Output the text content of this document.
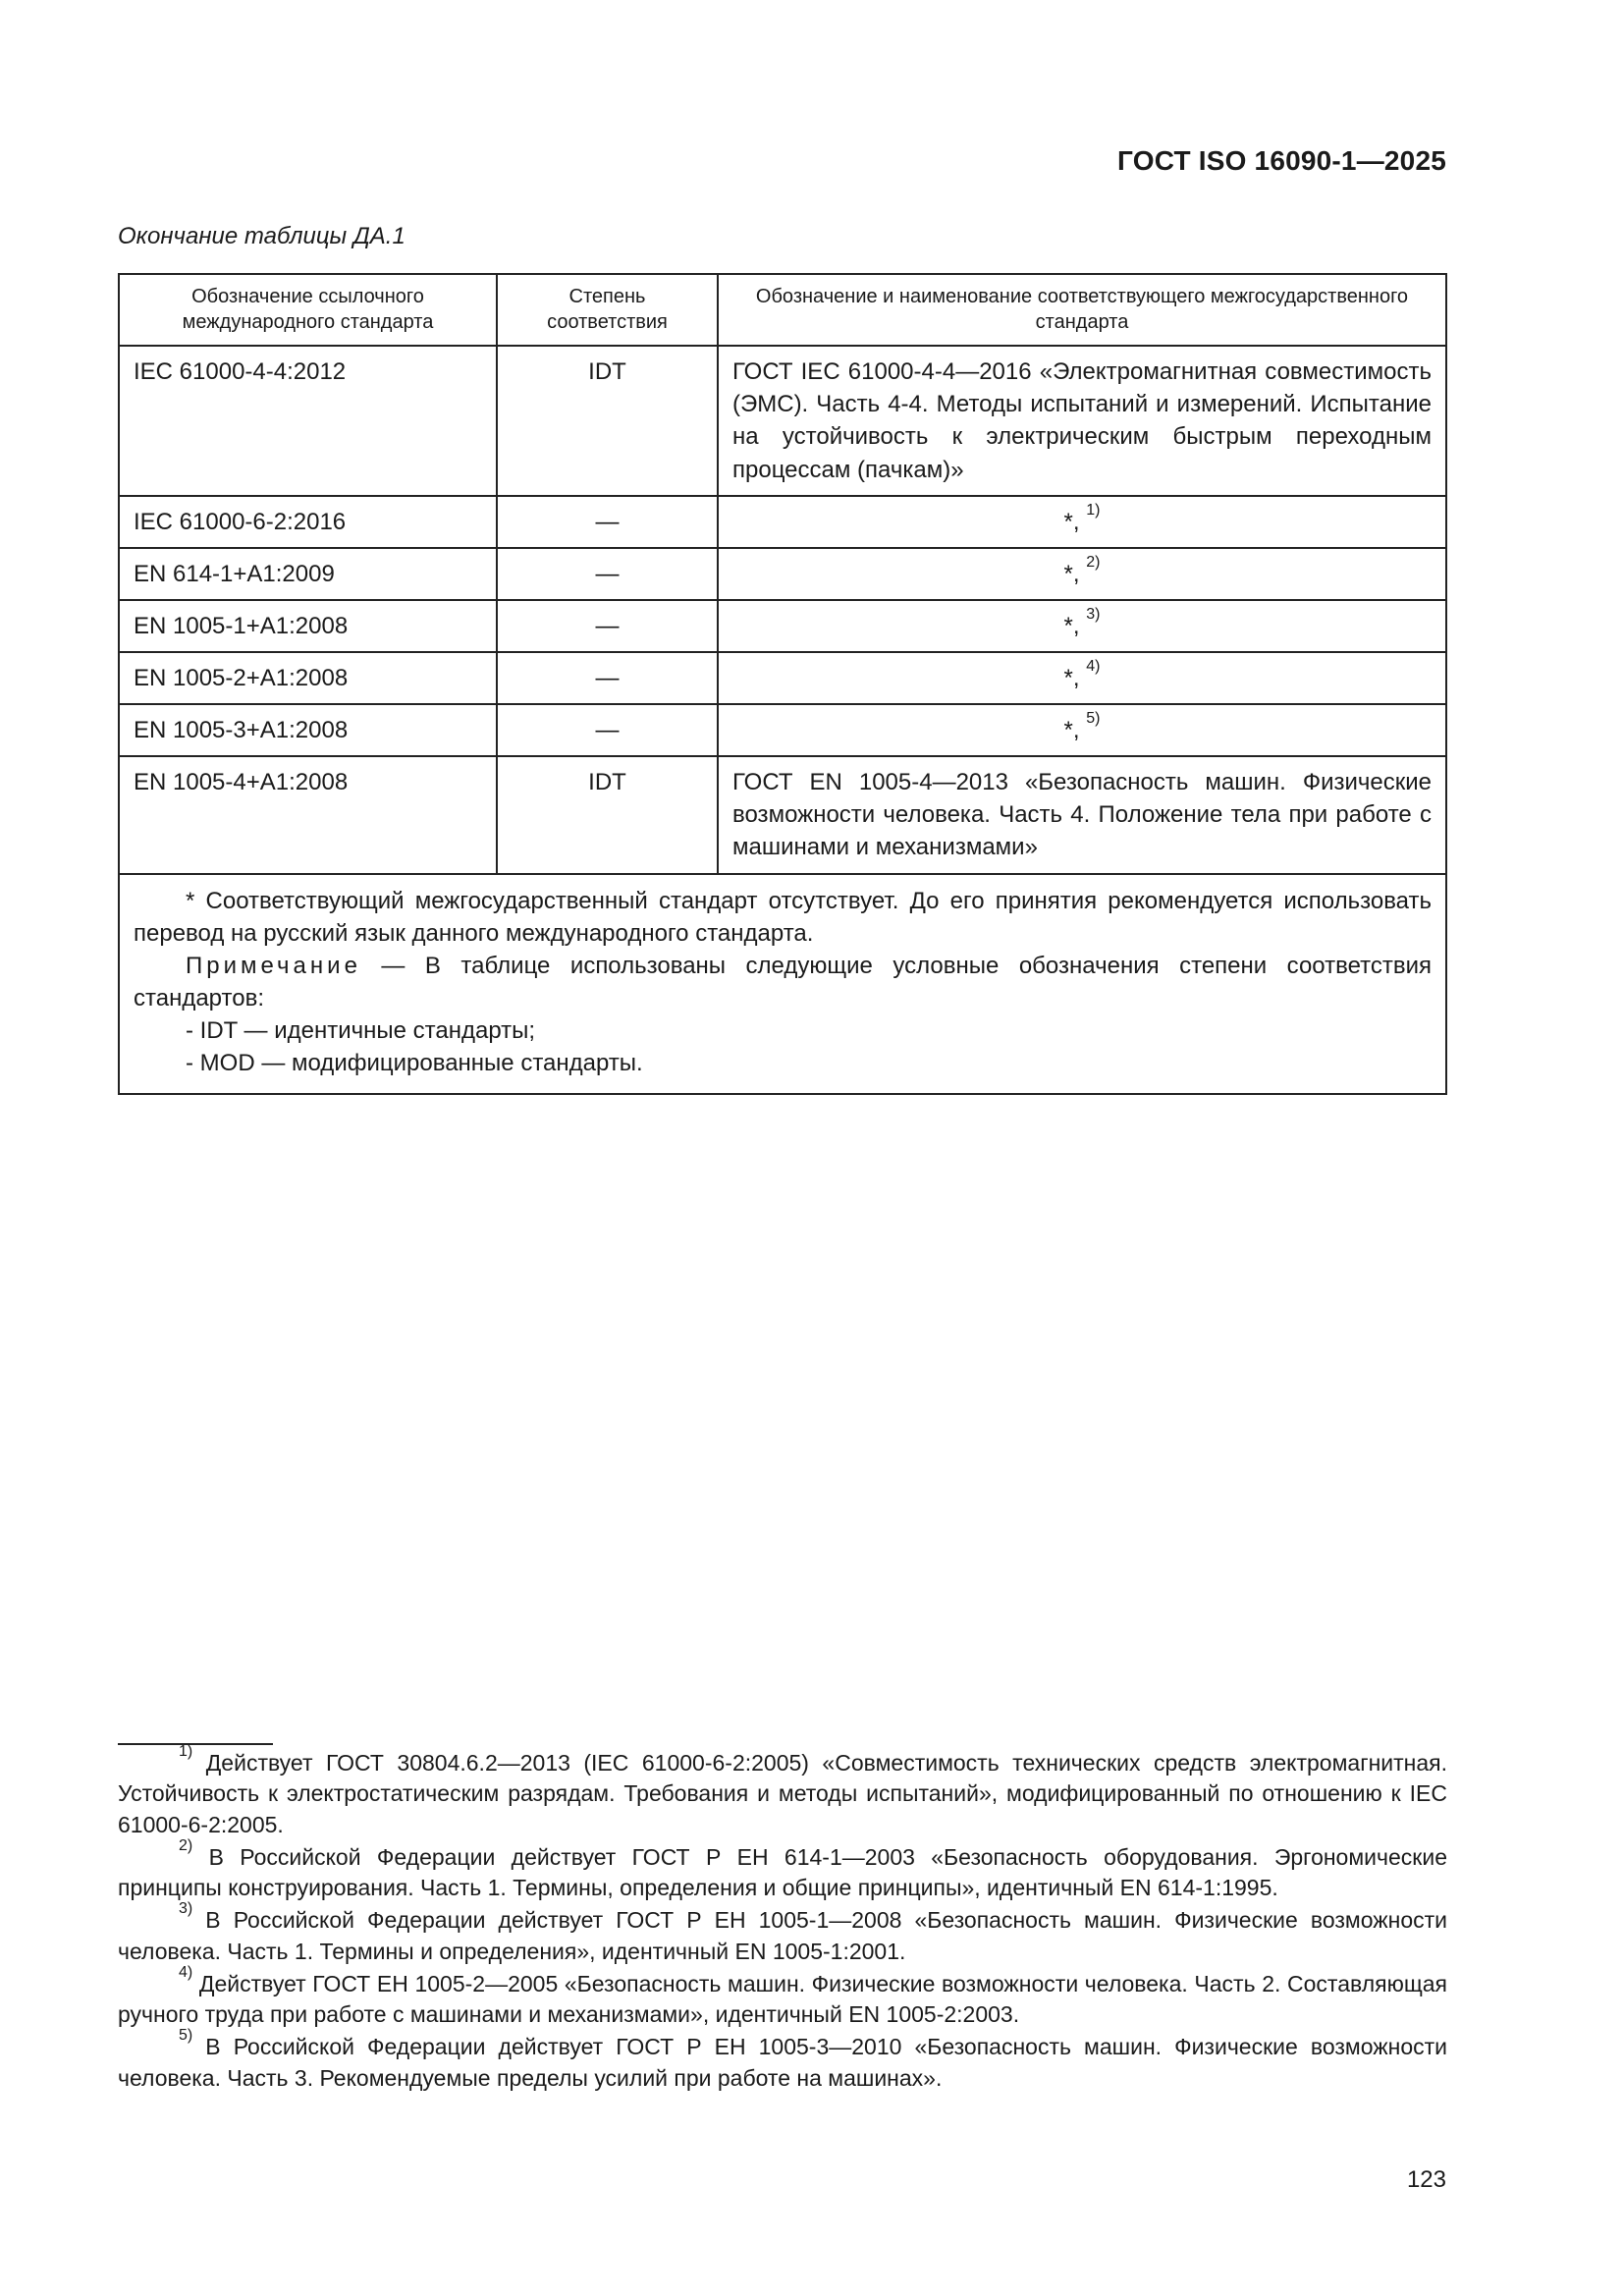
ГОСТ ISO 16090-1—2025
Окончание таблицы ДА.1
Обозначение ссылочного международного стандарта	Степень соответствия	Обозначение и наименование соответствующего межгосударственного стандарта
IEC 61000-4-4:2012	IDT	ГОСТ IEC 61000-4-4—2016 «Электромагнитная совместимость (ЭМС). Часть 4-4. Методы испытаний и измерений. Испытание на устойчивость к электрическим быстрым переходным процессам (пачкам)»
IEC 61000-6-2:2016	—	*, $^{1)}$
EN 614-1+A1:2009	—	*, $^{2)}$
EN 1005-1+A1:2008	—	*, $^{3)}$
EN 1005-2+A1:2008	—	*, $^{4)}$
EN 1005-3+A1:2008	—	*, $^{5)}$
EN 1005-4+A1:2008	IDT	ГОСТ EN 1005-4—2013 «Безопасность машин. Физические возможности человека. Часть 4. Положение тела при работе с машинами и механизмами»

* Соответствующий межгосударственный стандарт отсутствует. До его принятия рекомендуется использовать перевод на русский язык данного международного стандарта.

Примечание — В таблице использованы следующие условные обозначения степени соответствия стандартов:

- IDT — идентичные стандарты;

- MOD — модифицированные стандарты.		

$^{1)}$ Действует ГОСТ 30804.6.2—2013 (IEC 61000-6-2:2005) «Совместимость технических средств электромагнитная. Устойчивость к электростатическим разрядам. Требования и методы испытаний», модифицированный по отношению к IEC 61000-6-2:2005.

$^{2)}$ В Российской Федерации действует ГОСТ Р ЕН 614-1—2003 «Безопасность оборудования. Эргономические принципы конструирования. Часть 1. Термины, определения и общие принципы», идентичный EN 614-1:1995.

$^{3)}$ В Российской Федерации действует ГОСТ Р ЕН 1005-1—2008 «Безопасность машин. Физические возможности человека. Часть 1. Термины и определения», идентичный EN 1005-1:2001.

$^{4)}$ Действует ГОСТ ЕН 1005-2—2005 «Безопасность машин. Физические возможности человека. Часть 2. Составляющая ручного труда при работе с машинами и механизмами», идентичный EN 1005-2:2003.

$^{5)}$ В Российской Федерации действует ГОСТ Р ЕН 1005-3—2010 «Безопасность машин. Физические возможности человека. Часть 3. Рекомендуемые пределы усилий при работе на машинах».

123
